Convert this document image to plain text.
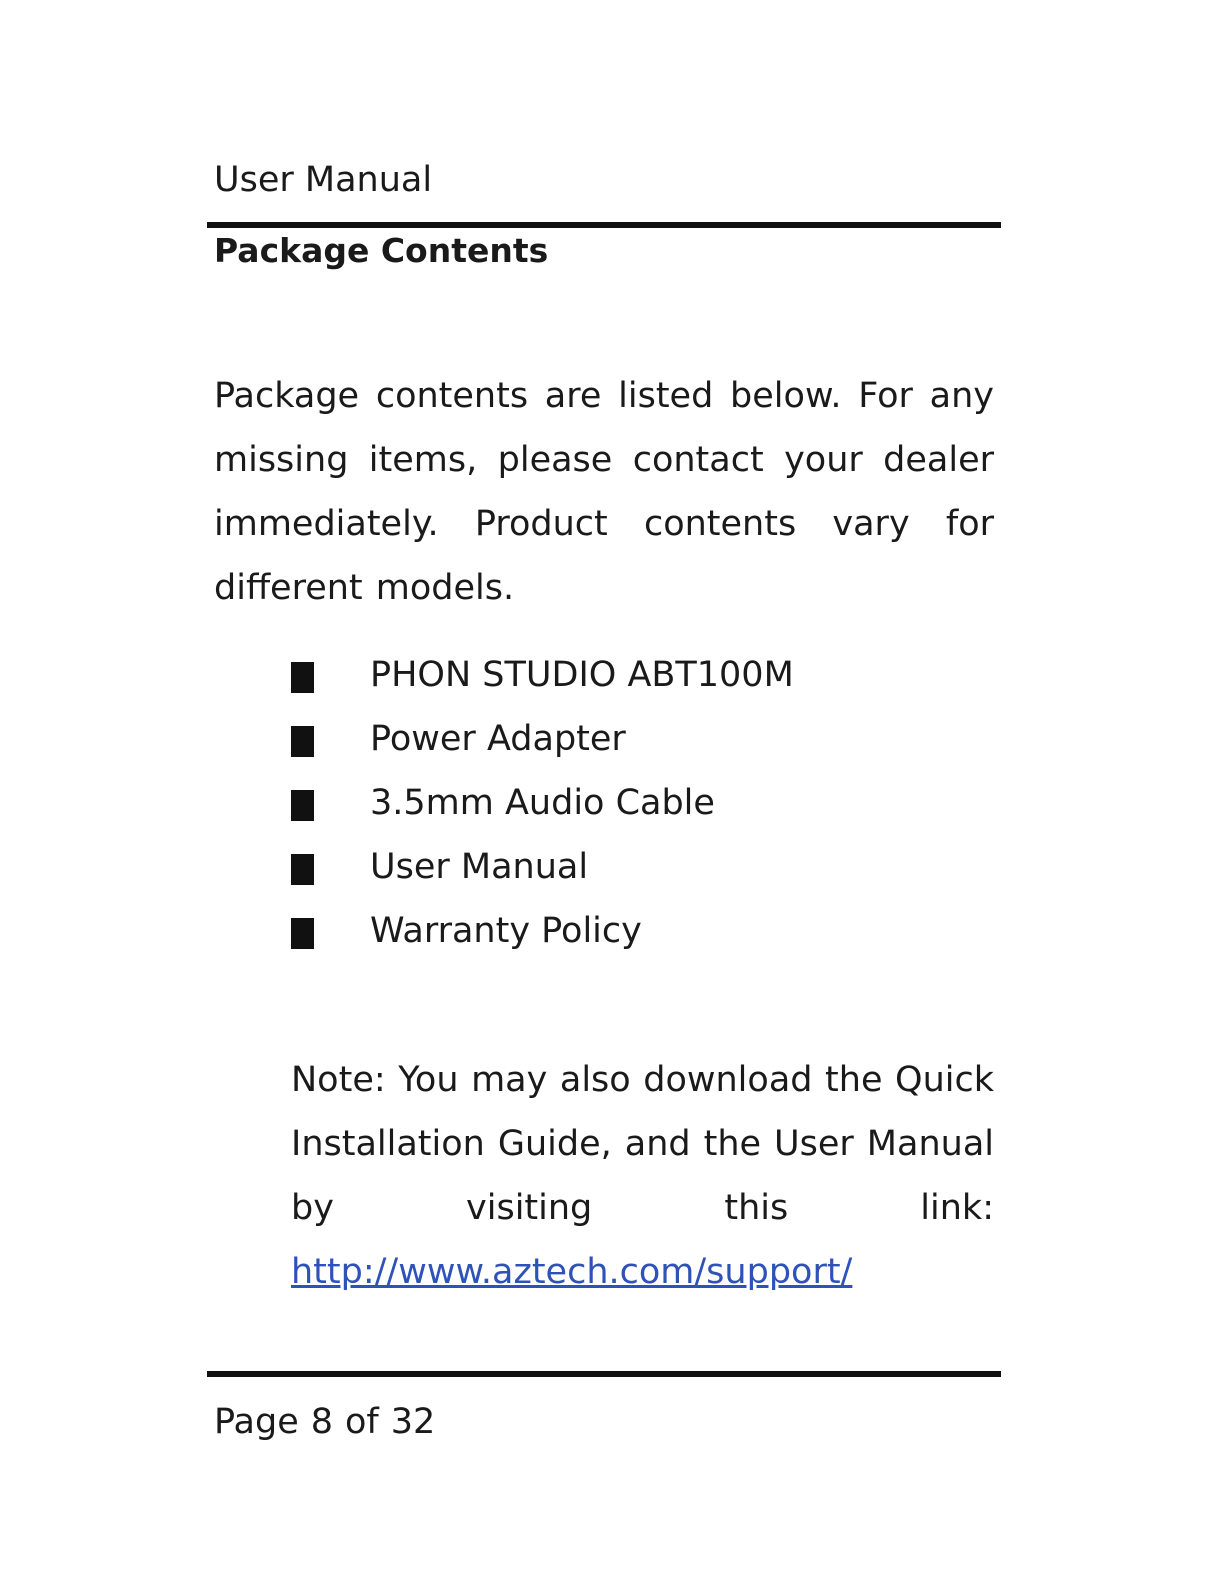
User Manual
Package Contents

Package contents are listed below. For any missing items, please contact your dealer immediately. Product contents vary for different models.

PHON STUDIO ABT100M
Power Adapter
3.5mm Audio Cable
User Manual
Warranty Policy

Note: You may also download the Quick Installation Guide, and the User Manual by visiting this link:
http://www.aztech.com/support/

Page 8 of 32
